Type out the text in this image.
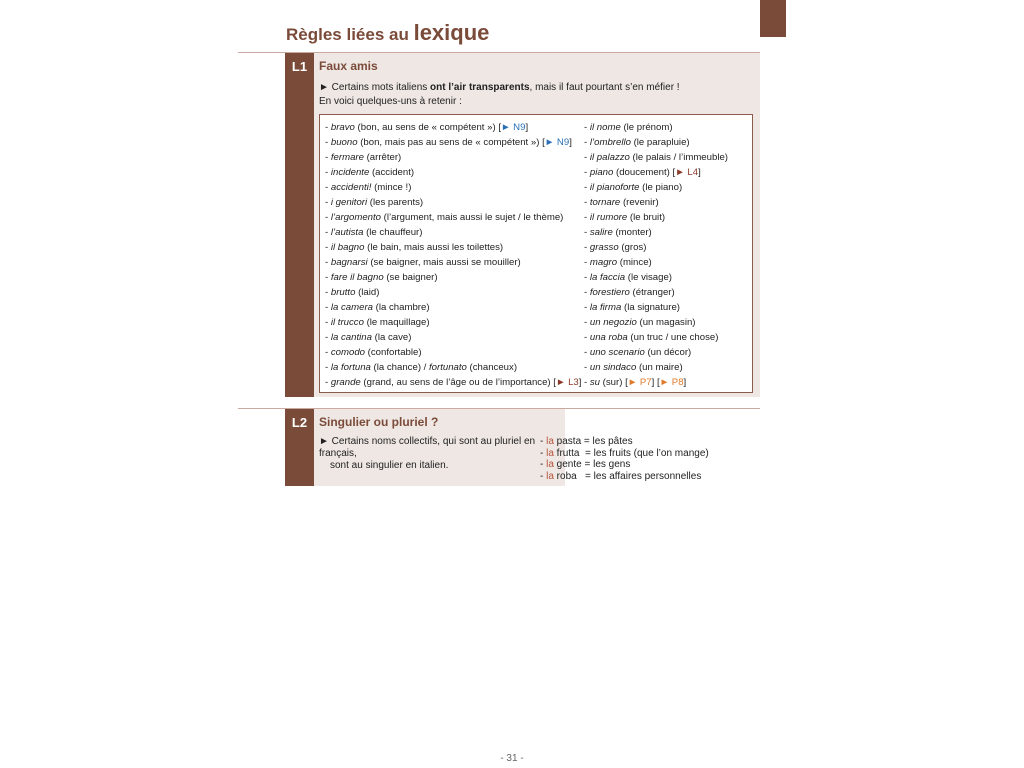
Règles liées au lexique
L1 Faux amis
► Certains mots italiens ont l’air transparents, mais il faut pourtant s’en méfier !
En voici quelques-uns à retenir :
- bravo (bon, au sens de « compétent ») [► N9]
- buono (bon, mais pas au sens de « compétent ») [► N9]
- fermare (arrêter)
- incidente (accident)
- accidenti! (mince !)
- i genitori (les parents)
- l’argomento (l’argument, mais aussi le sujet / le thème)
- l’autista (le chauffeur)
- il bagno (le bain, mais aussi les toilettes)
- bagnarsi (se baigner, mais aussi se mouiller)
- fare il bagno (se baigner)
- brutto (laid)
- la camera (la chambre)
- il trucco (le maquillage)
- la cantina (la cave)
- comodo (confortable)
- la fortuna (la chance) / fortunato (chanceux)
- grande (grand, au sens de l’âge ou de l’importance) [► L3]
- il nome (le prénom)
- l’ombrello (le parapluie)
- il palazzo (le palais / l’immeuble)
- piano (doucement) [► L4]
- il pianoforte (le piano)
- tornare (revenir)
- il rumore (le bruit)
- salire (monter)
- grasso (gros)
- magro (mince)
- la faccia (le visage)
- forestiero (étranger)
- la firma (la signature)
- un negozio (un magasin)
- una roba (un truc / une chose)
- uno scenario (un décor)
- un sindaco (un maire)
- su (sur) [► P7] [► P8]
L2 Singulier ou pluriel ?
► Certains noms collectifs, qui sont au pluriel en français,
sont au singulier en italien.
- la pasta = les pâtes
- la frutta  = les fruits (que l’on mange)
- la gente = les gens
- la roba   = les affaires personnelles
- 31 -
